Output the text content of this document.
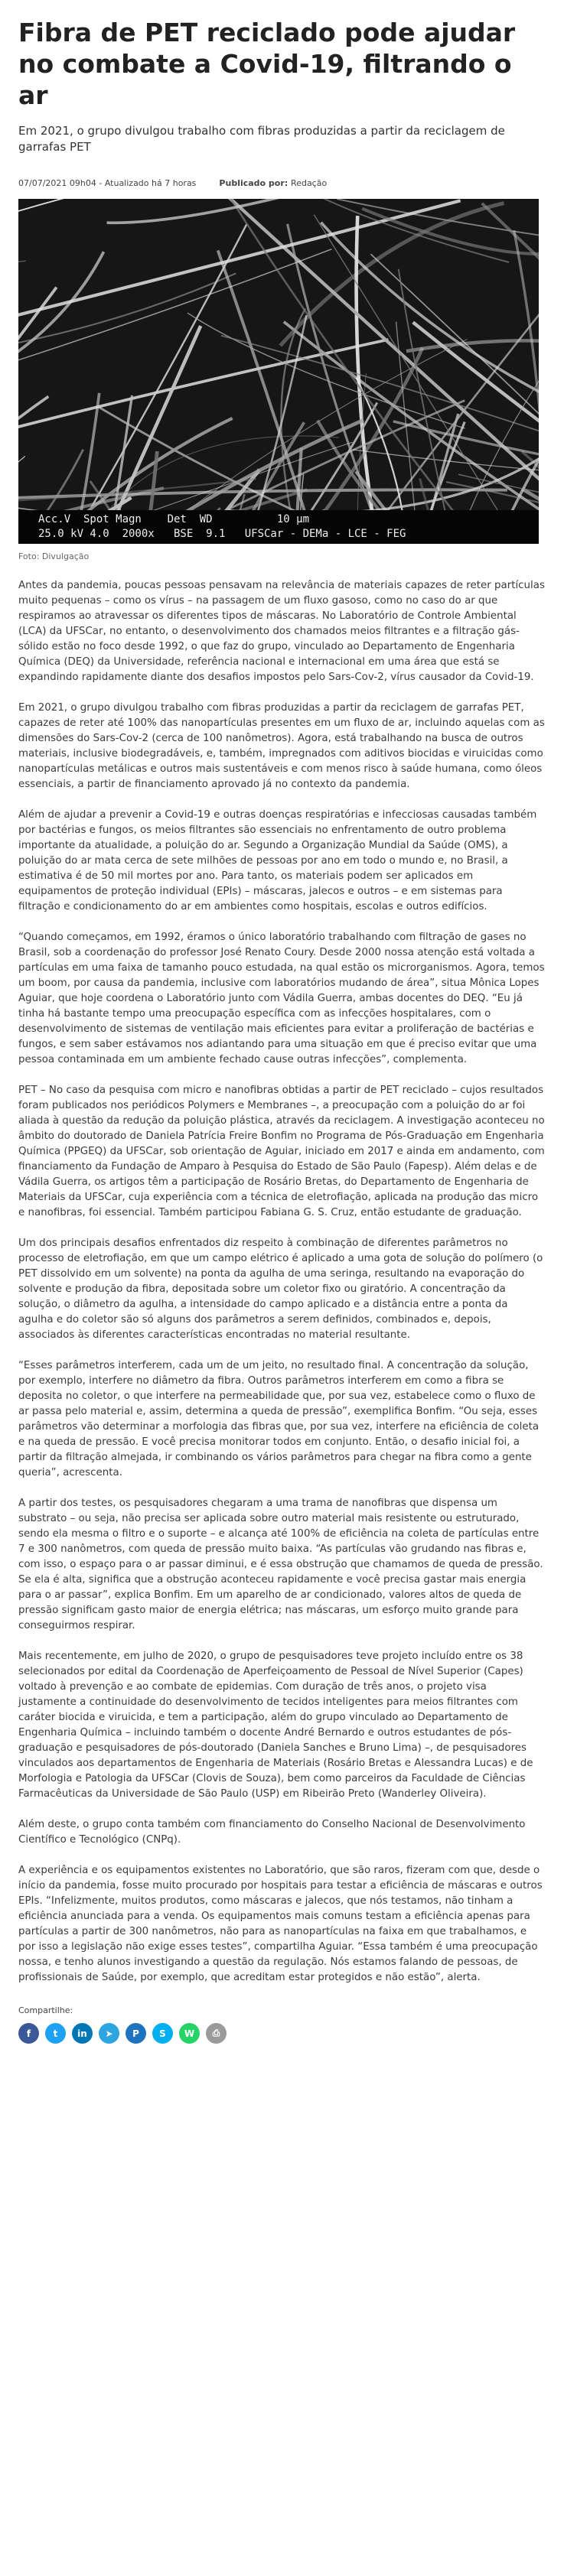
Fibra de PET reciclado pode ajudar no combate a Covid-19, filtrando o ar
Em 2021, o grupo divulgou trabalho com fibras produzidas a partir da reciclagem de garrafas PET
07/07/2021 09h04 - Atualizado há 7 horas	Publicado por: Redação
Acc.V  Spot Magn    Det  WD          10 μm
25.0 kV 4.0  2000x   BSE  9.1   UFSCar - DEMa - LCE - FEG
Foto: Divulgação

Antes da pandemia, poucas pessoas pensavam na relevância de materiais capazes de reter partículas muito pequenas – como os vírus – na passagem de um fluxo gasoso, como no caso do ar que respiramos ao atravessar os diferentes tipos de máscaras. No Laboratório de Controle Ambiental (LCA) da UFSCar, no entanto, o desenvolvimento dos chamados meios filtrantes e a filtração gás-sólido estão no foco desde 1992, o que faz do grupo, vinculado ao Departamento de Engenharia Química (DEQ) da Universidade, referência nacional e internacional em uma área que está se expandindo rapidamente diante dos desafios impostos pelo Sars-Cov-2, vírus causador da Covid-19.

Em 2021, o grupo divulgou trabalho com fibras produzidas a partir da reciclagem de garrafas PET, capazes de reter até 100% das nanopartículas presentes em um fluxo de ar, incluindo aquelas com as dimensões do Sars-Cov-2 (cerca de 100 nanômetros). Agora, está trabalhando na busca de outros materiais, inclusive biodegradáveis, e, também, impregnados com aditivos biocidas e viruicidas como nanopartículas metálicas e outros mais sustentáveis e com menos risco à saúde humana, como óleos essenciais, a partir de financiamento aprovado já no contexto da pandemia.

Além de ajudar a prevenir a Covid-19 e outras doenças respiratórias e infecciosas causadas também por bactérias e fungos, os meios filtrantes são essenciais no enfrentamento de outro problema importante da atualidade, a poluição do ar. Segundo a Organização Mundial da Saúde (OMS), a poluição do ar mata cerca de sete milhões de pessoas por ano em todo o mundo e, no Brasil, a estimativa é de 50 mil mortes por ano. Para tanto, os materiais podem ser aplicados em equipamentos de proteção individual (EPIs) – máscaras, jalecos e outros – e em sistemas para filtração e condicionamento do ar em ambientes como hospitais, escolas e outros edifícios.

“Quando começamos, em 1992, éramos o único laboratório trabalhando com filtração de gases no Brasil, sob a coordenação do professor José Renato Coury. Desde 2000 nossa atenção está voltada a partículas em uma faixa de tamanho pouco estudada, na qual estão os microrganismos. Agora, temos um boom, por causa da pandemia, inclusive com laboratórios mudando de área”, situa Mônica Lopes Aguiar, que hoje coordena o Laboratório junto com Vádila Guerra, ambas docentes do DEQ. “Eu já tinha há bastante tempo uma preocupação específica com as infecções hospitalares, com o desenvolvimento de sistemas de ventilação mais eficientes para evitar a proliferação de bactérias e fungos, e sem saber estávamos nos adiantando para uma situação em que é preciso evitar que uma pessoa contaminada em um ambiente fechado cause outras infecções”, complementa.

PET – No caso da pesquisa com micro e nanofibras obtidas a partir de PET reciclado – cujos resultados foram publicados nos periódicos Polymers e Membranes –, a preocupação com a poluição do ar foi aliada à questão da redução da poluição plástica, através da reciclagem. A investigação aconteceu no âmbito do doutorado de Daniela Patrícia Freire Bonfim no Programa de Pós-Graduação em Engenharia Química (PPGEQ) da UFSCar, sob orientação de Aguiar, iniciado em 2017 e ainda em andamento, com financiamento da Fundação de Amparo à Pesquisa do Estado de São Paulo (Fapesp). Além delas e de Vádila Guerra, os artigos têm a participação de Rosário Bretas, do Departamento de Engenharia de Materiais da UFSCar, cuja experiência com a técnica de eletrofiação, aplicada na produção das micro e nanofibras, foi essencial. Também participou Fabiana G. S. Cruz, então estudante de graduação.

Um dos principais desafios enfrentados diz respeito à combinação de diferentes parâmetros no processo de eletrofiação, em que um campo elétrico é aplicado a uma gota de solução do polímero (o PET dissolvido em um solvente) na ponta da agulha de uma seringa, resultando na evaporação do solvente e produção da fibra, depositada sobre um coletor fixo ou giratório. A concentração da solução, o diâmetro da agulha, a intensidade do campo aplicado e a distância entre a ponta da agulha e do coletor são só alguns dos parâmetros a serem definidos, combinados e, depois, associados às diferentes características encontradas no material resultante.

“Esses parâmetros interferem, cada um de um jeito, no resultado final. A concentração da solução, por exemplo, interfere no diâmetro da fibra. Outros parâmetros interferem em como a fibra se deposita no coletor, o que interfere na permeabilidade que, por sua vez, estabelece como o fluxo de ar passa pelo material e, assim, determina a queda de pressão”, exemplifica Bonfim. “Ou seja, esses parâmetros vão determinar a morfologia das fibras que, por sua vez, interfere na eficiência de coleta e na queda de pressão. E você precisa monitorar todos em conjunto. Então, o desafio inicial foi, a partir da filtração almejada, ir combinando os vários parâmetros para chegar na fibra como a gente queria”, acrescenta.

A partir dos testes, os pesquisadores chegaram a uma trama de nanofibras que dispensa um substrato – ou seja, não precisa ser aplicada sobre outro material mais resistente ou estruturado, sendo ela mesma o filtro e o suporte – e alcança até 100% de eficiência na coleta de partículas entre 7 e 300 nanômetros, com queda de pressão muito baixa. “As partículas vão grudando nas fibras e, com isso, o espaço para o ar passar diminui, e é essa obstrução que chamamos de queda de pressão. Se ela é alta, significa que a obstrução aconteceu rapidamente e você precisa gastar mais energia para o ar passar”, explica Bonfim. Em um aparelho de ar condicionado, valores altos de queda de pressão significam gasto maior de energia elétrica; nas máscaras, um esforço muito grande para conseguirmos respirar.

Mais recentemente, em julho de 2020, o grupo de pesquisadores teve projeto incluído entre os 38 selecionados por edital da Coordenação de Aperfeiçoamento de Pessoal de Nível Superior (Capes) voltado à prevenção e ao combate de epidemias. Com duração de três anos, o projeto visa justamente a continuidade do desenvolvimento de tecidos inteligentes para meios filtrantes com caráter biocida e viruicida, e tem a participação, além do grupo vinculado ao Departamento de Engenharia Química – incluindo também o docente André Bernardo e outros estudantes de pós-graduação e pesquisadores de pós-doutorado (Daniela Sanches e Bruno Lima) –, de pesquisadores vinculados aos departamentos de Engenharia de Materiais (Rosário Bretas e Alessandra Lucas) e de Morfologia e Patologia da UFSCar (Clovis de Souza), bem como parceiros da Faculdade de Ciências Farmacêuticas da Universidade de São Paulo (USP) em Ribeirão Preto (Wanderley Oliveira).

Além deste, o grupo conta também com financiamento do Conselho Nacional de Desenvolvimento Científico e Tecnológico (CNPq).

A experiência e os equipamentos existentes no Laboratório, que são raros, fizeram com que, desde o início da pandemia, fosse muito procurado por hospitais para testar a eficiência de máscaras e outros EPIs. “Infelizmente, muitos produtos, como máscaras e jalecos, que nós testamos, não tinham a eficiência anunciada para a venda. Os equipamentos mais comuns testam a eficiência apenas para partículas a partir de 300 nanômetros, não para as nanopartículas na faixa em que trabalhamos, e por isso a legislação não exige esses testes”, compartilha Aguiar. “Essa também é uma preocupação nossa, e tenho alunos investigando a questão da regulação. Nós estamos falando de pessoas, de profissionais de Saúde, por exemplo, que acreditam estar protegidos e não estão”, alerta.

Compartilhe:
f t in ➤ P S W ⎙
